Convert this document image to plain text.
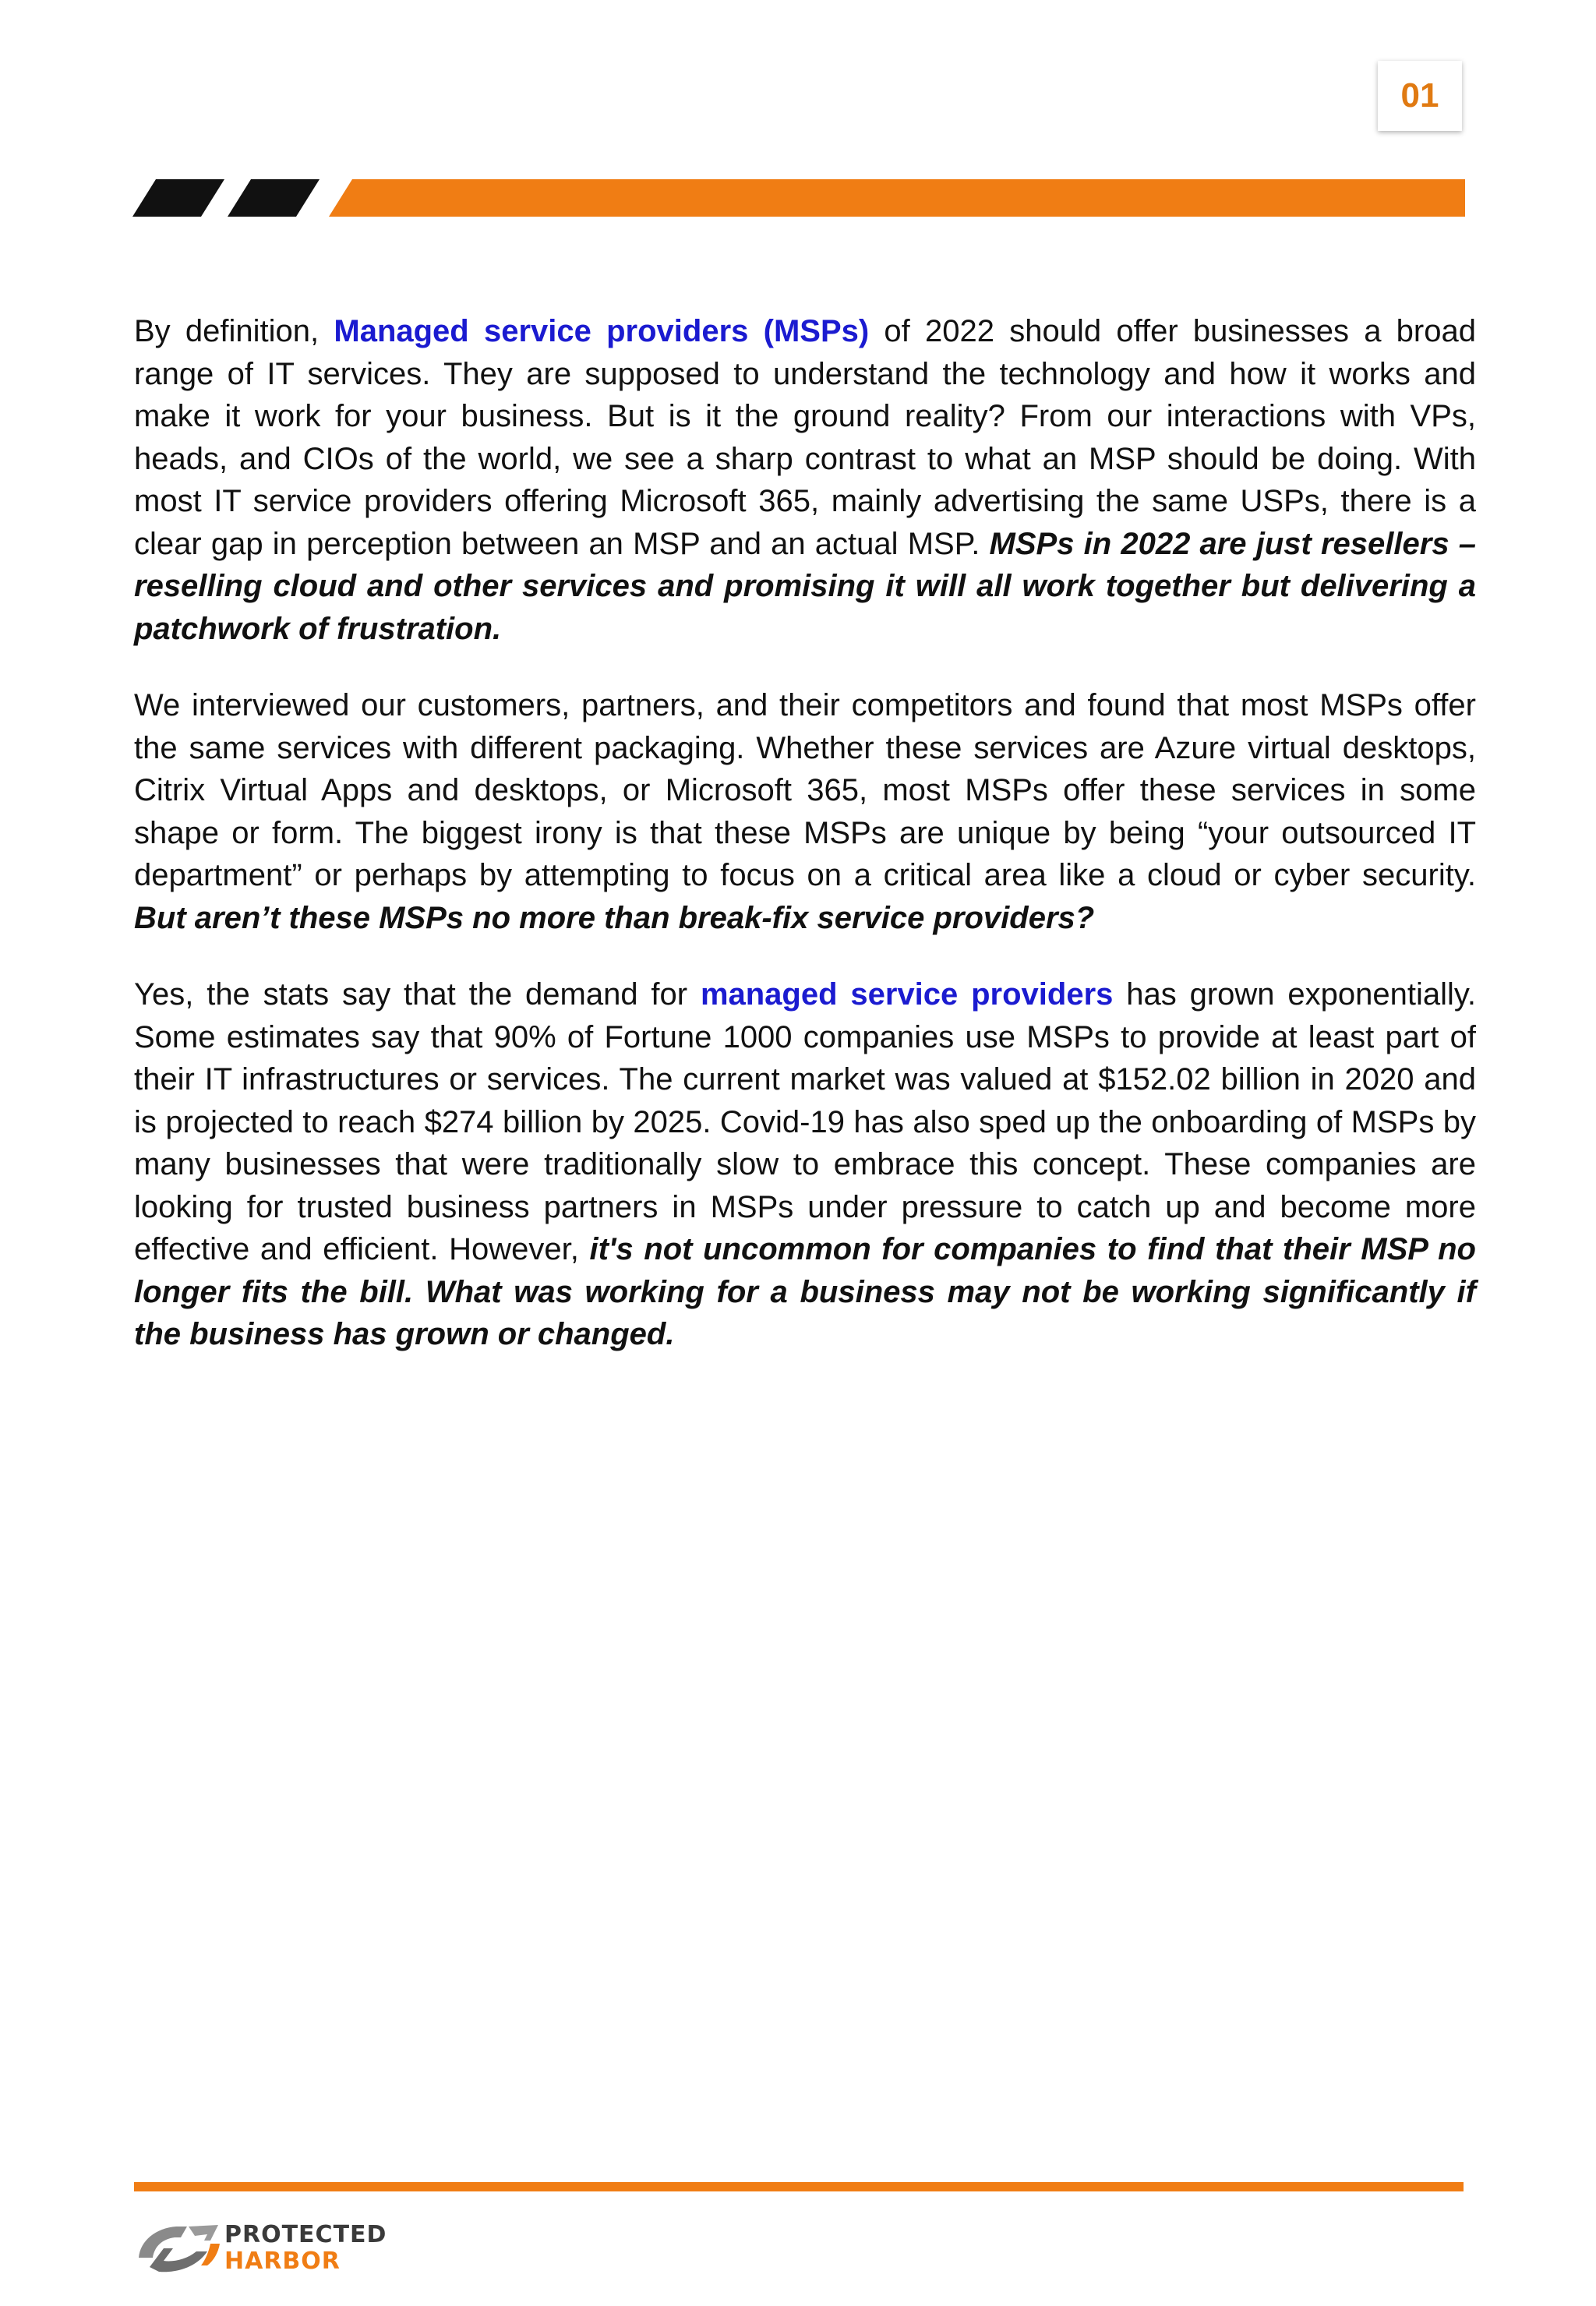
01

By definition, Managed service providers (MSPs) of 2022 should offer businesses a broad range of IT services. They are supposed to understand the technology and how it works and make it work for your business. But is it the ground reality? From our interactions with VPs, heads, and CIOs of the world, we see a sharp contrast to what an MSP should be doing. With most IT service providers offering Microsoft 365, mainly advertising the same USPs, there is a clear gap in perception between an MSP and an actual MSP. MSPs in 2022 are just resellers – reselling cloud and other services and promising it will all work together but delivering a patchwork of frustration.

We interviewed our customers, partners, and their competitors and found that most MSPs offer the same services with different packaging. Whether these services are Azure virtual desktops, Citrix Virtual Apps and desktops, or Microsoft 365, most MSPs offer these services in some shape or form. The biggest irony is that these MSPs are unique by being “your outsourced IT department” or perhaps by attempting to focus on a critical area like a cloud or cyber security. But aren’t these MSPs no more than break-fix service providers?

Yes, the stats say that the demand for managed service providers has grown exponentially. Some estimates say that 90% of Fortune 1000 companies use MSPs to provide at least part of their IT infrastructures or services. The current market was valued at $152.02 billion in 2020 and is projected to reach $274 billion by 2025. Covid-19 has also sped up the onboarding of MSPs by many businesses that were traditionally slow to embrace this concept. These companies are looking for trusted business partners in MSPs under pressure to catch up and become more effective and efficient. However, it's not uncommon for companies to find that their MSP no longer fits the bill. What was working for a business may not be working significantly if the business has grown or changed.

PROTECTED
HARBOR
